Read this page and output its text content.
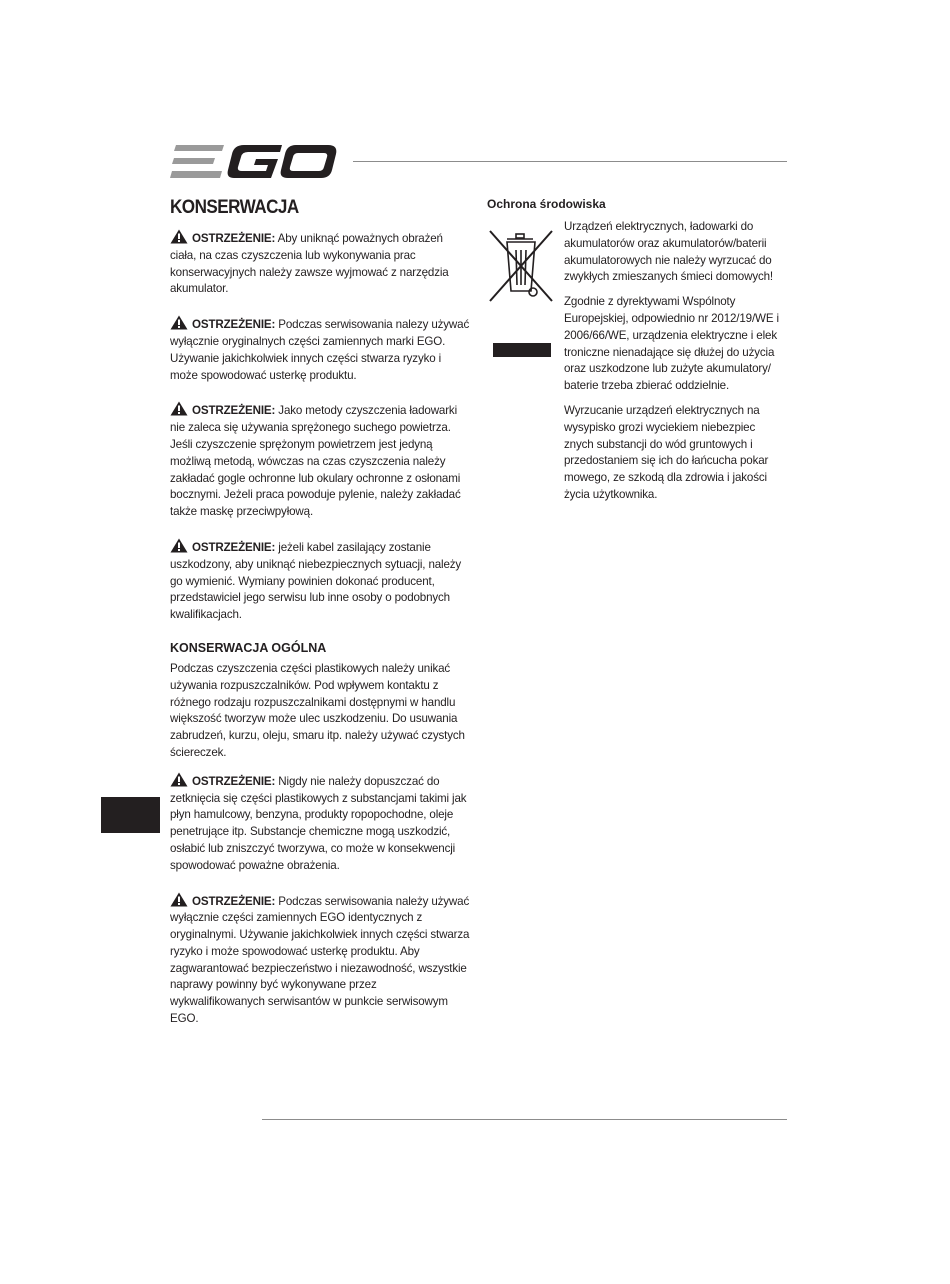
KONSERWACJA

OSTRZEŻENIE: Aby uniknąć poważnych obrażeń ciała, na czas czyszczenia lub wykonywania prac konserwacyjnych należy zawsze wyjmować z narzędzia akumulator.

OSTRZEŻENIE: Podczas serwisowania nalezy używać wyłącznie oryginalnych części zamiennych marki EGO. Używanie jakichkolwiek innych części stwarza ryzyko i może spowodować usterkę produktu.

OSTRZEŻENIE: Jako metody czyszczenia ładowarki nie zaleca się używania sprężonego suchego powietrza. Jeśli czyszczenie sprężonym powietrzem jest jedyną możliwą metodą, wówczas na czas czyszczenia należy zakładać gogle ochronne lub okulary ochronne z osłonami bocznymi. Jeżeli praca powoduje pylenie, należy zakładać także maskę przeciwpyłową.

OSTRZEŻENIE: jeżeli kabel zasilający zostanie uszkodzony, aby uniknąć niebezpiecznych sytuacji, należy go wymienić. Wymiany powinien dokonać producent, przedstawiciel jego serwisu lub inne osoby o podobnych kwalifikacjach.

KONSERWACJA OGÓLNA

Podczas czyszczenia części plastikowych należy unikać używania rozpuszczalników. Pod wpływem kontaktu z różnego rodzaju rozpuszczalnikami dostępnymi w handlu większość tworzyw może ulec uszkodzeniu. Do usuwania zabrudzeń, kurzu, oleju, smaru itp. należy używać czystych ściereczek.

OSTRZEŻENIE: Nigdy nie należy dopuszczać do zetknięcia się części plastikowych z substancjami takimi jak płyn hamulcowy, benzyna, produkty ropopochodne, oleje penetrujące itp. Substancje chemiczne mogą uszkodzić, osłabić lub zniszczyć tworzywa, co może w konsekwencji spowodować poważne obrażenia.

OSTRZEŻENIE: Podczas serwisowania należy używać wyłącznie części zamiennych EGO identycznych z oryginalnymi. Używanie jakichkolwiek innych części stwarza ryzyko i może spowodować usterkę produktu. Aby zagwarantować bezpieczeństwo i niezawodność, wszystkie naprawy powinny być wykonywane przez wykwalifikowanych serwisantów w punkcie serwisowym EGO.

Ochrona środowiska

Urządzeń elektrycznych, ładowarki do akumulatorów oraz akumulatorów/baterii akumulatorowych nie należy wyrzucać do zwykłych zmieszanych śmieci domowych!

Zgodnie z dyrektywami Wspólnoty Europejskiej, odpowiednio nr 2012/19/WE i 2006/66/WE, urządzenia elektryczne i elek troniczne nienadające się dłużej do użycia oraz uszkodzone lub zużyte akumulatory/ baterie trzeba zbierać oddzielnie.

Wyrzucanie urządzeń elektrycznych na wysypisko grozi wyciekiem niebezpiec znych substancji do wód gruntowych i przedostaniem się ich do łańcucha pokar mowego, ze szkodą dla zdrowia i jakości życia użytkownika.
